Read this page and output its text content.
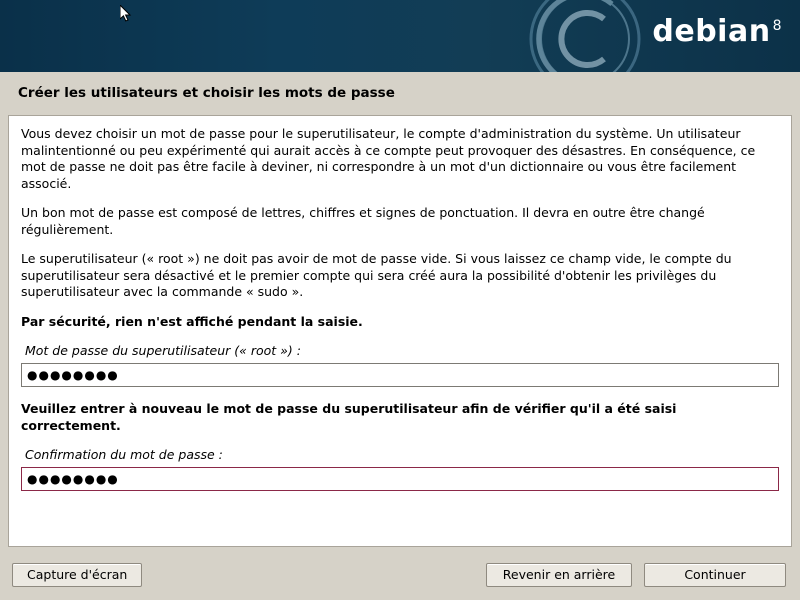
debian $^8$
Créer les utilisateurs et choisir les mots de passe

Vous devez choisir un mot de passe pour le superutilisateur, le compte d'administration du système. Un utilisateur malintentionné ou peu expérimenté qui aurait accès à ce compte peut provoquer des désastres. En conséquence, ce mot de passe ne doit pas être facile à deviner, ni correspondre à un mot d'un dictionnaire ou vous être facilement associé.

Un bon mot de passe est composé de lettres, chiffres et signes de ponctuation. Il devra en outre être changé régulièrement.

Le superutilisateur (« root ») ne doit pas avoir de mot de passe vide. Si vous laissez ce champ vide, le compte du superutilisateur sera désactivé et le premier compte qui sera créé aura la possibilité d'obtenir les privilèges du superutilisateur avec la commande « sudo ».

Par sécurité, rien n'est affiché pendant la saisie.

Mot de passe du superutilisateur (« root ») :
●●●●●●●●

Veuillez entrer à nouveau le mot de passe du superutilisateur afin de vérifier qu'il a été saisi correctement.

Confirmation du mot de passe :
●●●●●●●●
Capture d'écran	Revenir en arrière	Continuer
